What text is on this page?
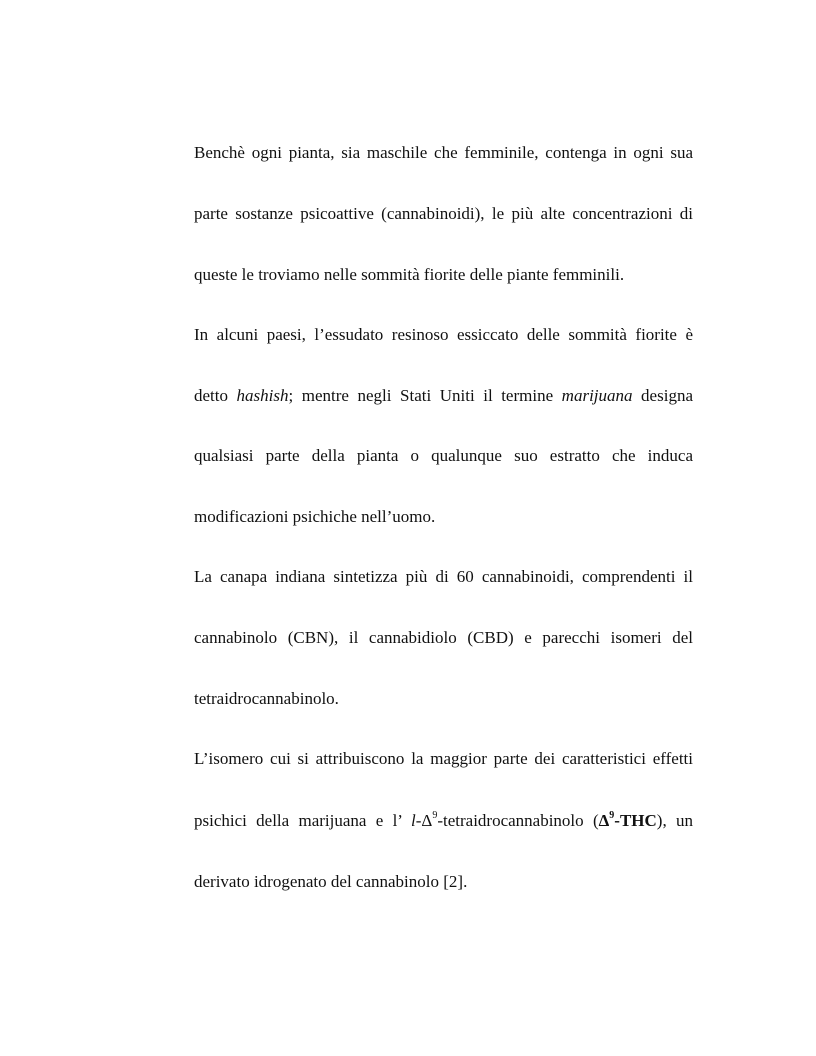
Benchè ogni pianta, sia maschile che femminile, contenga in ogni sua
parte sostanze psicoattive (cannabinoidi), le più alte concentrazioni di
queste le troviamo nelle sommità fiorite delle piante femminili.
In alcuni paesi, l’essudato resinoso essiccato delle sommità fiorite è
detto hashish; mentre negli Stati Uniti il termine marijuana designa
qualsiasi parte della pianta o qualunque suo estratto che induca
modificazioni psichiche nell’uomo.
La canapa indiana sintetizza più di 60 cannabinoidi, comprendenti il
cannabinolo (CBN), il cannabidiolo (CBD) e parecchi isomeri del
tetraidrocannabinolo.
L’isomero cui si attribuiscono la maggior parte dei caratteristici effetti
psichici della marijuana e l’ $l-\Delta^9$-tetraidrocannabinolo $(\Delta^9-THC)$, un
derivato idrogenato del cannabinolo [2].
